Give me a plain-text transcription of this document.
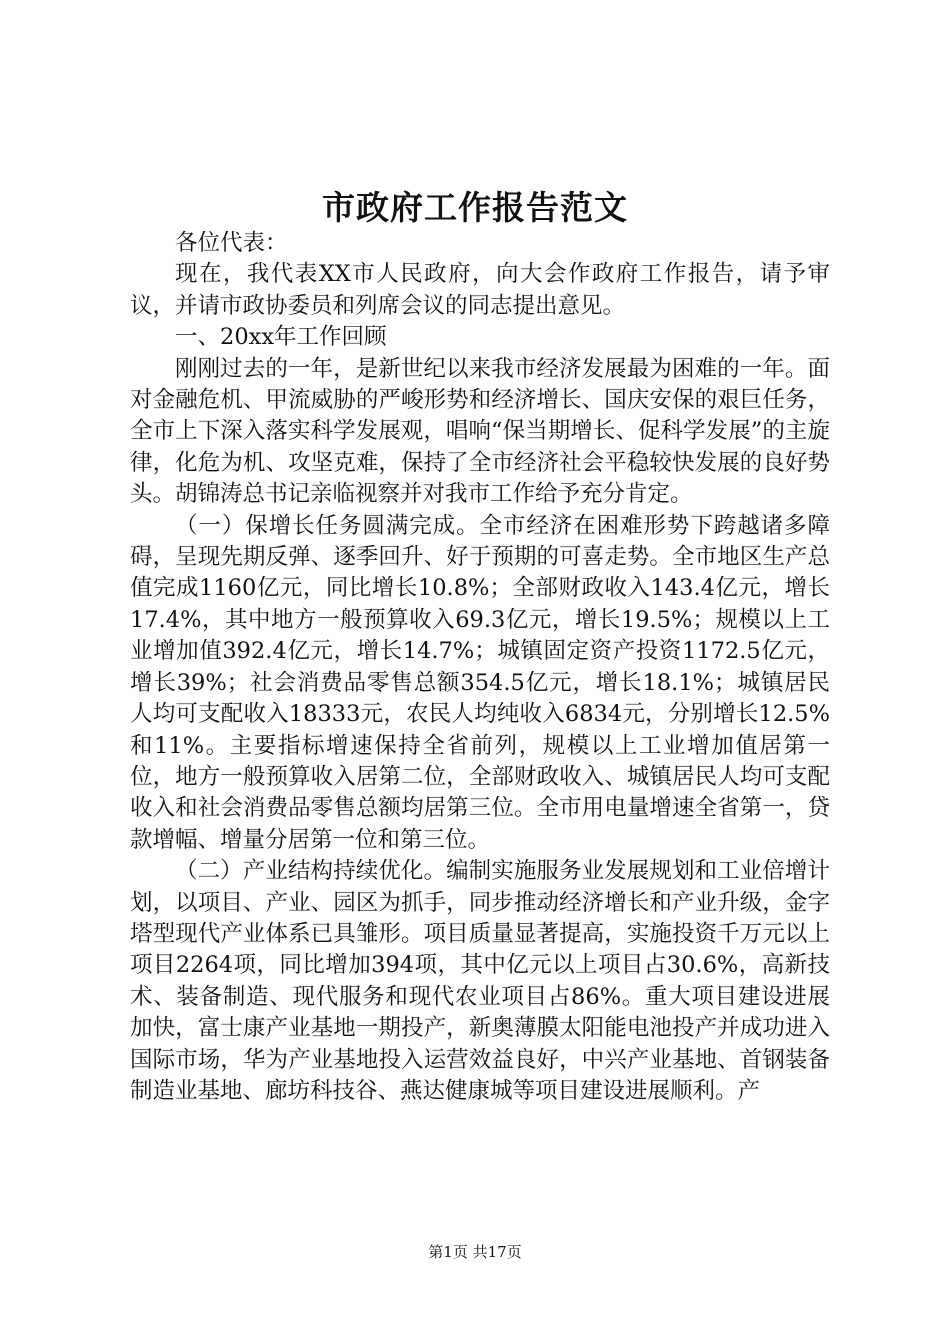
市政府工作报告范文

各位代表：

现在，我代表XX市人民政府，向大会作政府工作报告，请予审议，并请市政协委员和列席会议的同志提出意见。

一、20xx年工作回顾

刚刚过去的一年，是新世纪以来我市经济发展最为困难的一年。面对金融危机、甲流威胁的严峻形势和经济增长、国庆安保的艰巨任务，全市上下深入落实科学发展观，唱响“保当期增长、促科学发展”的主旋律，化危为机、攻坚克难，保持了全市经济社会平稳较快发展的良好势头。胡锦涛总书记亲临视察并对我市工作给予充分肯定。

（一）保增长任务圆满完成。全市经济在困难形势下跨越诸多障碍，呈现先期反弹、逐季回升、好于预期的可喜走势。全市地区生产总值完成1160亿元，同比增长10.8%；全部财政收入143.4亿元，增长17.4%，其中地方一般预算收入69.3亿元，增长19.5%；规模以上工业增加值392.4亿元，增长14.7%；城镇固定资产投资1172.5亿元，增长39%；社会消费品零售总额354.5亿元，增长18.1%；城镇居民人均可支配收入18333元，农民人均纯收入6834元，分别增长12.5%和11%。主要指标增速保持全省前列，规模以上工业增加值居第一位，地方一般预算收入居第二位，全部财政收入、城镇居民人均可支配收入和社会消费品零售总额均居第三位。全市用电量增速全省第一，贷款增幅、增量分居第一位和第三位。

（二）产业结构持续优化。编制实施服务业发展规划和工业倍增计划，以项目、产业、园区为抓手，同步推动经济增长和产业升级，金字塔型现代产业体系已具雏形。项目质量显著提高，实施投资千万元以上项目2264项，同比增加394项，其中亿元以上项目占30.6%，高新技术、装备制造、现代服务和现代农业项目占86%。重大项目建设进展加快，富士康产业基地一期投产，新奥薄膜太阳能电池投产并成功进入国际市场，华为产业基地投入运营效益良好，中兴产业基地、首钢装备制造业基地、廊坊科技谷、燕达健康城等项目建设进展顺利。产

第1页 共17页
